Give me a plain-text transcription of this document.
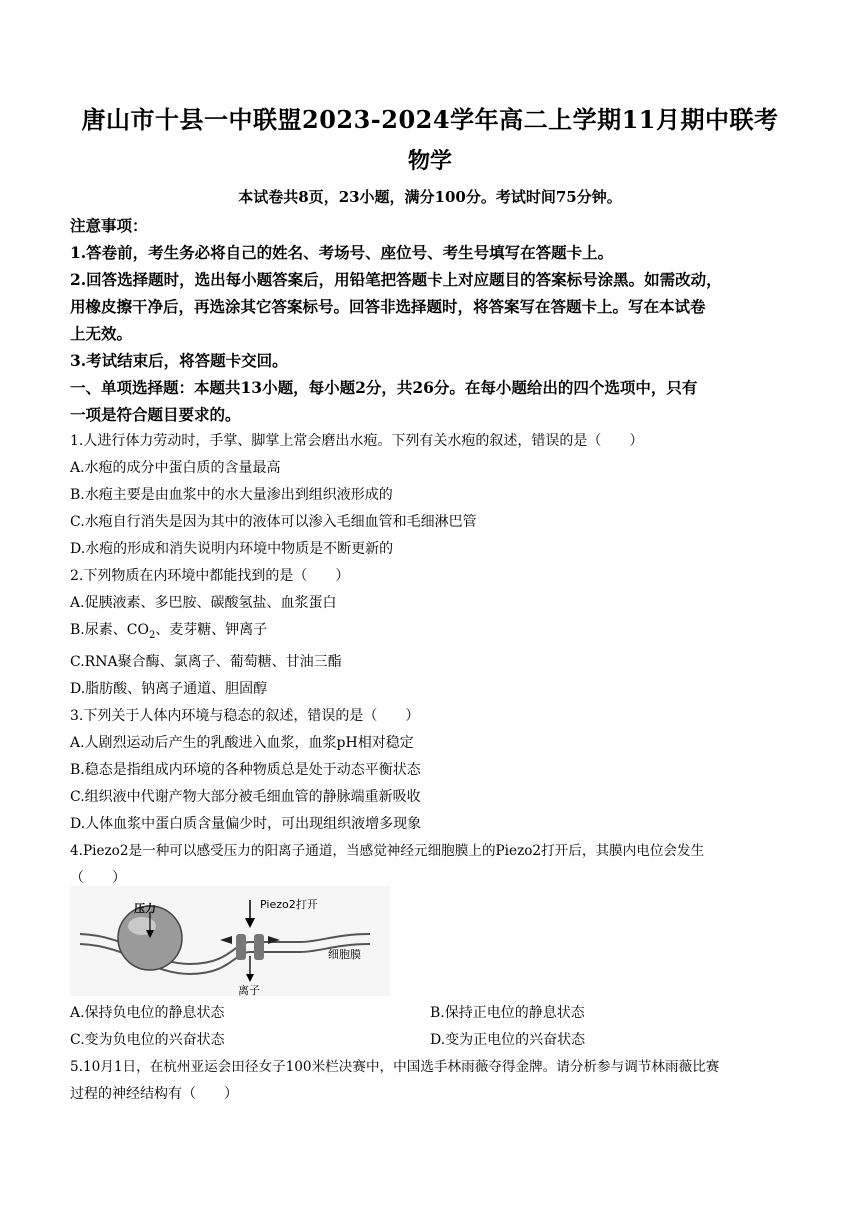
唐山市十县一中联盟2023-2024学年高二上学期11月期中联考
物学
本试卷共8页，23小题，满分100分。考试时间75分钟。
注意事项：
1.答卷前，考生务必将自己的姓名、考场号、座位号、考生号填写在答题卡上。
2.回答选择题时，选出每小题答案后，用铅笔把答题卡上对应题目的答案标号涂黑。如需改动，
用橡皮擦干净后，再选涂其它答案标号。回答非选择题时，将答案写在答题卡上。写在本试卷
上无效。
3.考试结束后，将答题卡交回。
一、单项选择题：本题共13小题，每小题2分，共26分。在每小题给出的四个选项中，只有
一项是符合题目要求的。
1.人进行体力劳动时，手掌、脚掌上常会磨出水疱。下列有关水疱的叙述，错误的是（　　）
A.水疱的成分中蛋白质的含量最高
B.水疱主要是由血浆中的水大量渗出到组织液形成的
C.水疱自行消失是因为其中的液体可以渗入毛细血管和毛细淋巴管
D.水疱的形成和消失说明内环境中物质是不断更新的
2.下列物质在内环境中都能找到的是（　　）
A.促胰液素、多巴胺、碳酸氢盐、血浆蛋白
B.尿素、$CO_2$、麦芽糖、钾离子
C.RNA聚合酶、氯离子、葡萄糖、甘油三酯
D.脂肪酸、钠离子通道、胆固醇
3.下列关于人体内环境与稳态的叙述，错误的是（　　）
A.人剧烈运动后产生的乳酸进入血浆，血浆pH相对稳定
B.稳态是指组成内环境的各种物质总是处于动态平衡状态
C.组织液中代谢产物大部分被毛细血管的静脉端重新吸收
D.人体血浆中蛋白质含量偏少时，可出现组织液增多现象
4.Piezo2是一种可以感受压力的阳离子通道，当感觉神经元细胞膜上的Piezo2打开后，其膜内电位会发生
（　　）
压力	Piezo2打开
细胞膜
离子
A.保持负电位的静息状态	B.保持正电位的静息状态
C.变为负电位的兴奋状态	D.变为正电位的兴奋状态
5.10月1日，在杭州亚运会田径女子100米栏决赛中，中国选手林雨薇夺得金牌。请分析参与调节林雨薇比赛
过程的神经结构有（　　）
